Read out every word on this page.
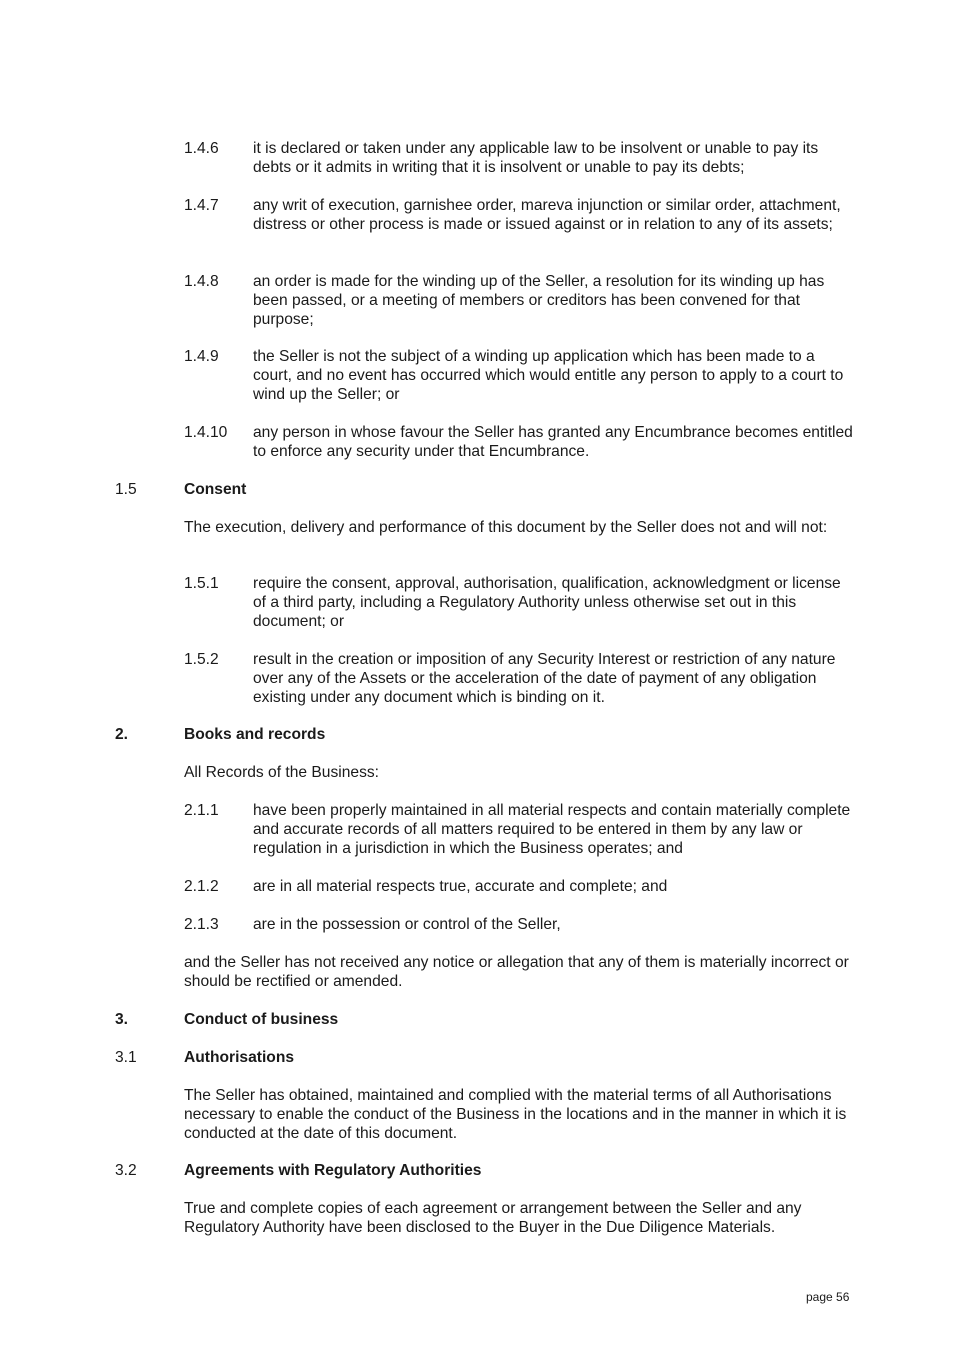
1.4.6	it is declared or taken under any applicable law to be insolvent or unable to pay its debts or it admits in writing that it is insolvent or unable to pay its debts;
1.4.7	any writ of execution, garnishee order, mareva injunction or similar order, attachment, distress or other process is made or issued against or in relation to any of its assets;
1.4.8	an order is made for the winding up of the Seller, a resolution for its winding up has been passed, or a meeting of members or creditors has been convened for that purpose;
1.4.9	the Seller is not the subject of a winding up application which has been made to a court, and no event has occurred which would entitle any person to apply to a court to wind up the Seller; or
1.4.10	any person in whose favour the Seller has granted any Encumbrance becomes entitled to enforce any security under that Encumbrance.
1.5	Consent
The execution, delivery and performance of this document by the Seller does not and will not:
1.5.1	require the consent, approval, authorisation, qualification, acknowledgment or license of a third party, including a Regulatory Authority unless otherwise set out in this document; or
1.5.2	result in the creation or imposition of any Security Interest or restriction of any nature over any of the Assets or the acceleration of the date of payment of any obligation existing under any document which is binding on it.
2.	Books and records
All Records of the Business:
2.1.1	have been properly maintained in all material respects and contain materially complete and accurate records of all matters required to be entered in them by any law or regulation in a jurisdiction in which the Business operates; and
2.1.2	are in all material respects true, accurate and complete; and
2.1.3	are in the possession or control of the Seller,
and the Seller has not received any notice or allegation that any of them is materially incorrect or should be rectified or amended.
3.	Conduct of business
3.1	Authorisations
The Seller has obtained, maintained and complied with the material terms of all Authorisations necessary to enable the conduct of the Business in the locations and in the manner in which it is conducted at the date of this document.
3.2	Agreements with Regulatory Authorities
True and complete copies of each agreement or arrangement between the Seller and any Regulatory Authority have been disclosed to the Buyer in the Due Diligence Materials.
page 56
